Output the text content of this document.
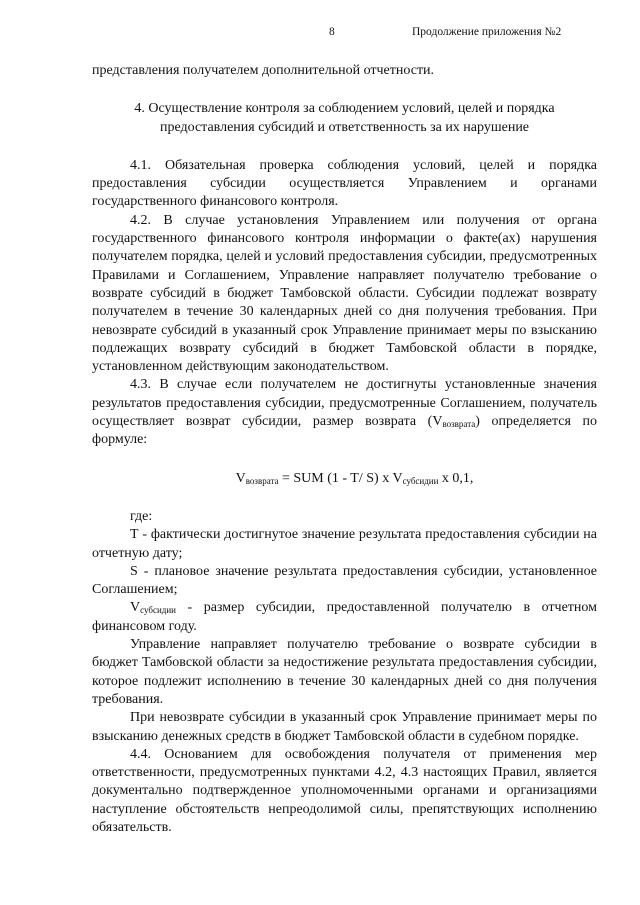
8	Продолжение приложения №2

представления получателем дополнительной отчетности.

4. Осуществление контроля за соблюдением условий, целей и порядка предоставления субсидий и ответственность за их нарушение

4.1. Обязательная проверка соблюдения условий, целей и порядка предоставления субсидии осуществляется Управлением и органами государственного финансового контроля.

4.2. В случае установления Управлением или получения от органа государственного финансового контроля информации о факте(ах) нарушения получателем порядка, целей и условий предоставления субсидии, предусмотренных Правилами и Соглашением, Управление направляет получателю требование о возврате субсидий в бюджет Тамбовской области. Субсидии подлежат возврату получателем в течение 30 календарных дней со дня получения требования. При невозврате субсидий в указанный срок Управление принимает меры по взысканию подлежащих возврату субсидий в бюджет Тамбовской области в порядке, установленном действующим законодательством.

4.3. В случае если получателем не достигнуты установленные значения результатов предоставления субсидии, предусмотренные Соглашением, получатель осуществляет возврат субсидии, размер возврата $(V_{возврата})$ определяется по формуле:

$V_{возврата}$ = SUM (1 - T/ S) x $V_{субсидии}$ x 0,1,

где:

Т - фактически достигнутое значение результата предоставления субсидии на отчетную дату;

S - плановое значение результата предоставления субсидии, установленное Соглашением;

$V_{субсидии}$ - размер субсидии, предоставленной получателю в отчетном финансовом году.

Управление направляет получателю требование о возврате субсидии в бюджет Тамбовской области за недостижение результата предоставления субсидии, которое подлежит исполнению в течение 30 календарных дней со дня получения требования.

При невозврате субсидии в указанный срок Управление принимает меры по взысканию денежных средств в бюджет Тамбовской области в судебном порядке.

4.4. Основанием для освобождения получателя от применения мер ответственности, предусмотренных пунктами 4.2, 4.3 настоящих Правил, является документально подтвержденное уполномоченными органами и организациями наступление обстоятельств непреодолимой силы, препятствующих исполнению обязательств.
